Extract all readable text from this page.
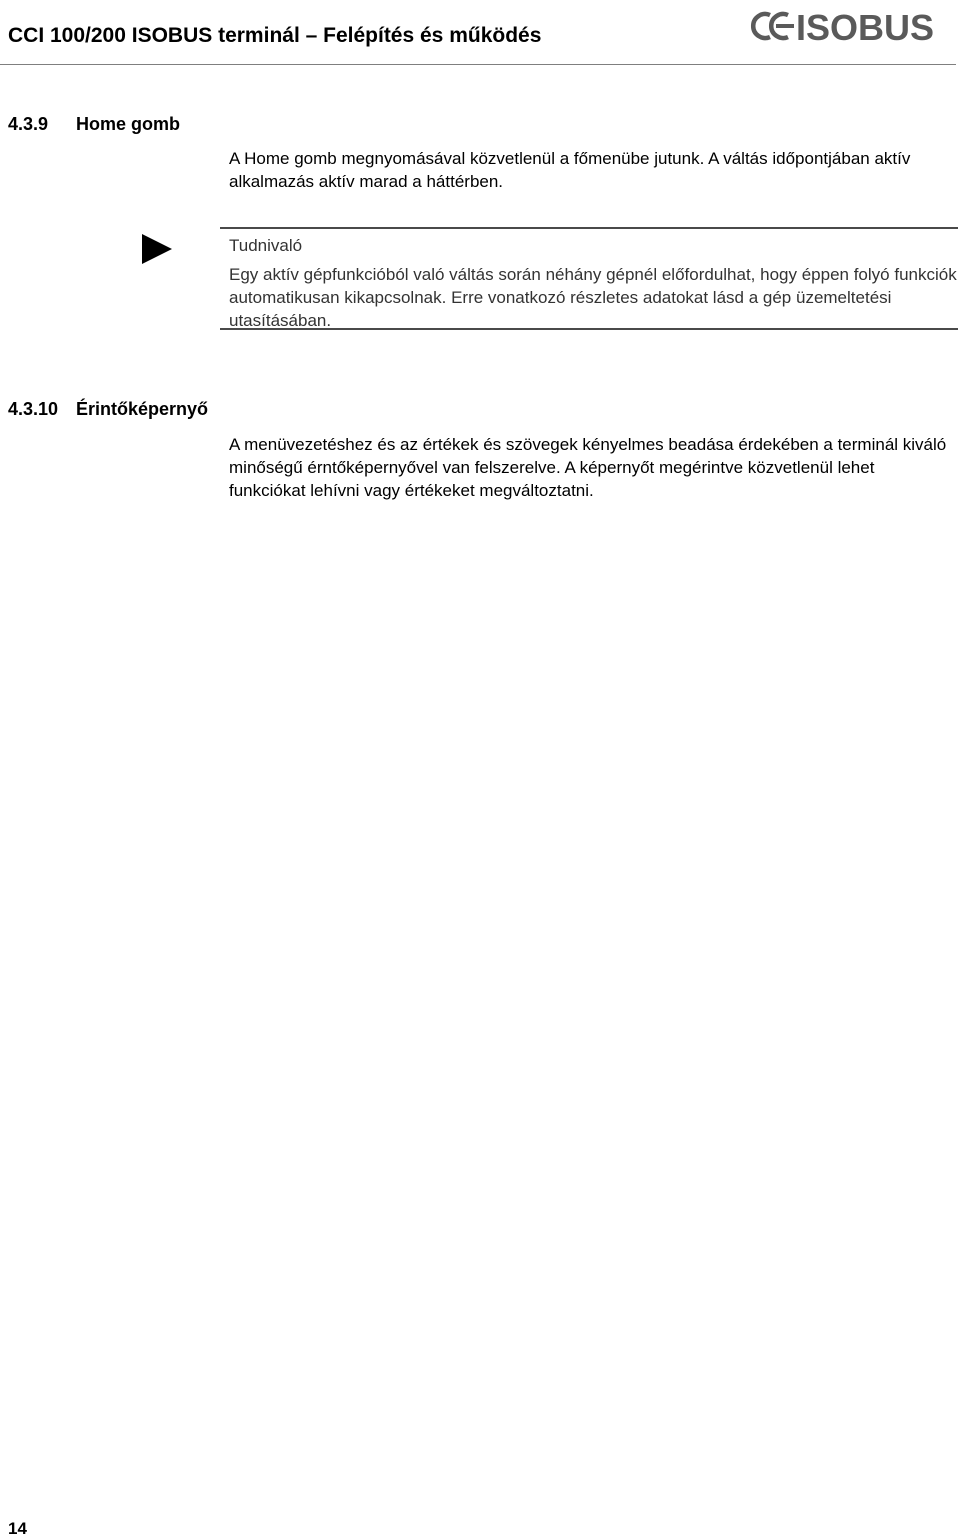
CCI 100/200 ISOBUS terminál – Felépítés és működés	ISOBUS
4.3.9 Home gomb
A Home gomb megnyomásával közvetlenül a főmenübe jutunk. A váltás időpontjában aktív alkalmazás aktív marad a háttérben.
Tudnivaló
Egy aktív gépfunkcióból való váltás során néhány gépnél előfordulhat, hogy éppen folyó funkciók automatikusan kikapcsolnak. Erre vonatkozó részletes adatokat lásd a gép üzemeltetési utasításában.
4.3.10 Érintőképernyő
A menüvezetéshez és az értékek és szövegek kényelmes beadása érdekében a terminál kiváló minőségű érntőképernyővel van felszerelve. A képernyőt megérintve közvetlenül lehet funkciókat lehívni vagy értékeket megváltoztatni.
14
